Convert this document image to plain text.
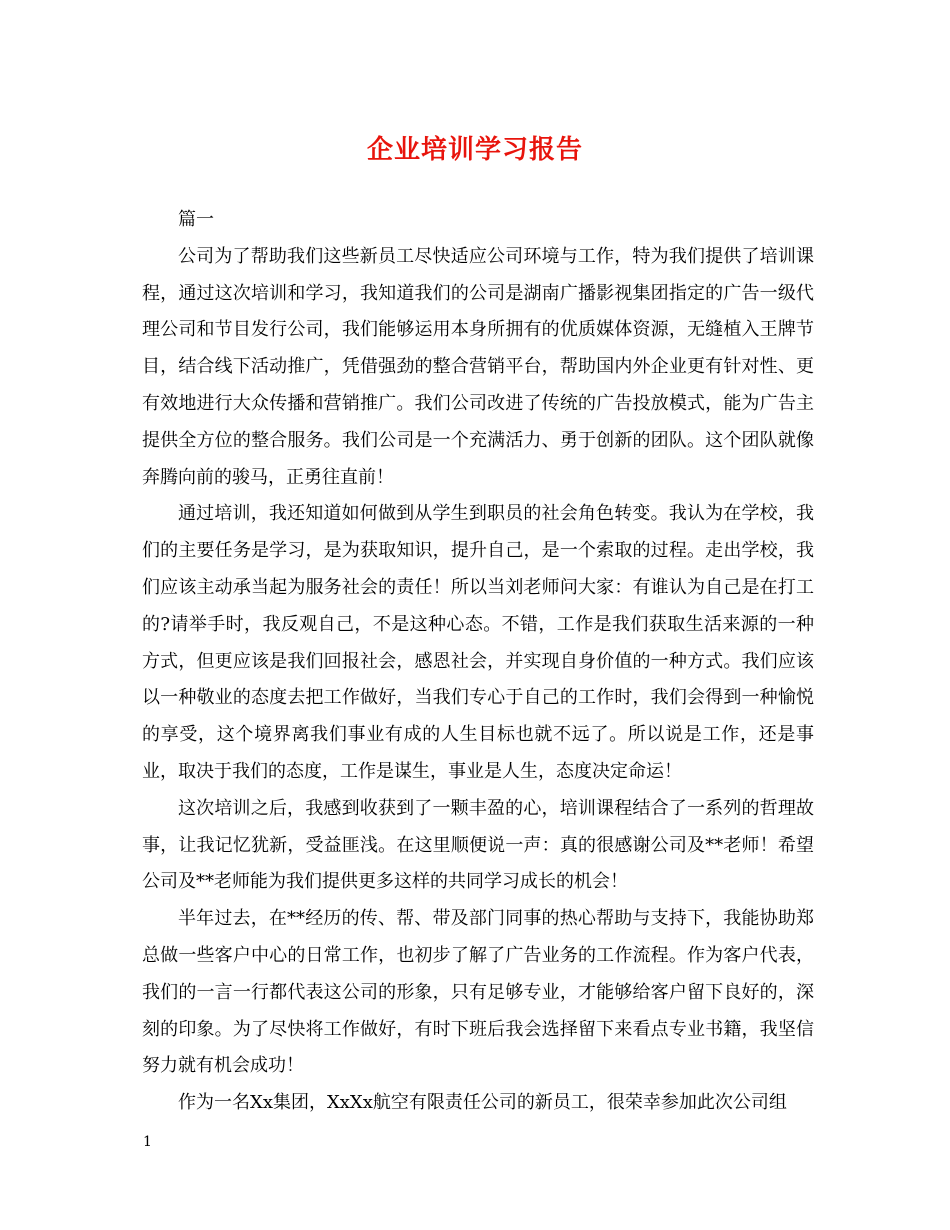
企业培训学习报告

篇一

公司为了帮助我们这些新员工尽快适应公司环境与工作，特为我们提供了培训课程，通过这次培训和学习，我知道我们的公司是湖南广播影视集团指定的广告一级代理公司和节目发行公司，我们能够运用本身所拥有的优质媒体资源，无缝植入王牌节目，结合线下活动推广，凭借强劲的整合营销平台，帮助国内外企业更有针对性、更有效地进行大众传播和营销推广。我们公司改进了传统的广告投放模式，能为广告主提供全方位的整合服务。我们公司是一个充满活力、勇于创新的团队。这个团队就像奔腾向前的骏马，正勇往直前！

通过培训，我还知道如何做到从学生到职员的社会角色转变。我认为在学校，我们的主要任务是学习，是为获取知识，提升自己，是一个索取的过程。走出学校，我们应该主动承当起为服务社会的责任！所以当刘老师问大家：有谁认为自己是在打工的?请举手时，我反观自己，不是这种心态。不错，工作是我们获取生活来源的一种方式，但更应该是我们回报社会，感恩社会，并实现自身价值的一种方式。我们应该以一种敬业的态度去把工作做好，当我们专心于自己的工作时，我们会得到一种愉悦的享受，这个境界离我们事业有成的人生目标也就不远了。所以说是工作，还是事业，取决于我们的态度，工作是谋生，事业是人生，态度决定命运！

这次培训之后，我感到收获到了一颗丰盈的心，培训课程结合了一系列的哲理故事，让我记忆犹新，受益匪浅。在这里顺便说一声：真的很感谢公司及**老师！希望公司及**老师能为我们提供更多这样的共同学习成长的机会！

半年过去，在**经历的传、帮、带及部门同事的热心帮助与支持下，我能协助郑总做一些客户中心的日常工作，也初步了解了广告业务的工作流程。作为客户代表，我们的一言一行都代表这公司的形象，只有足够专业，才能够给客户留下良好的，深刻的印象。为了尽快将工作做好，有时下班后我会选择留下来看点专业书籍，我坚信努力就有机会成功！

作为一名Xx集团，XxXx航空有限责任公司的新员工，很荣幸参加此次公司组

1
